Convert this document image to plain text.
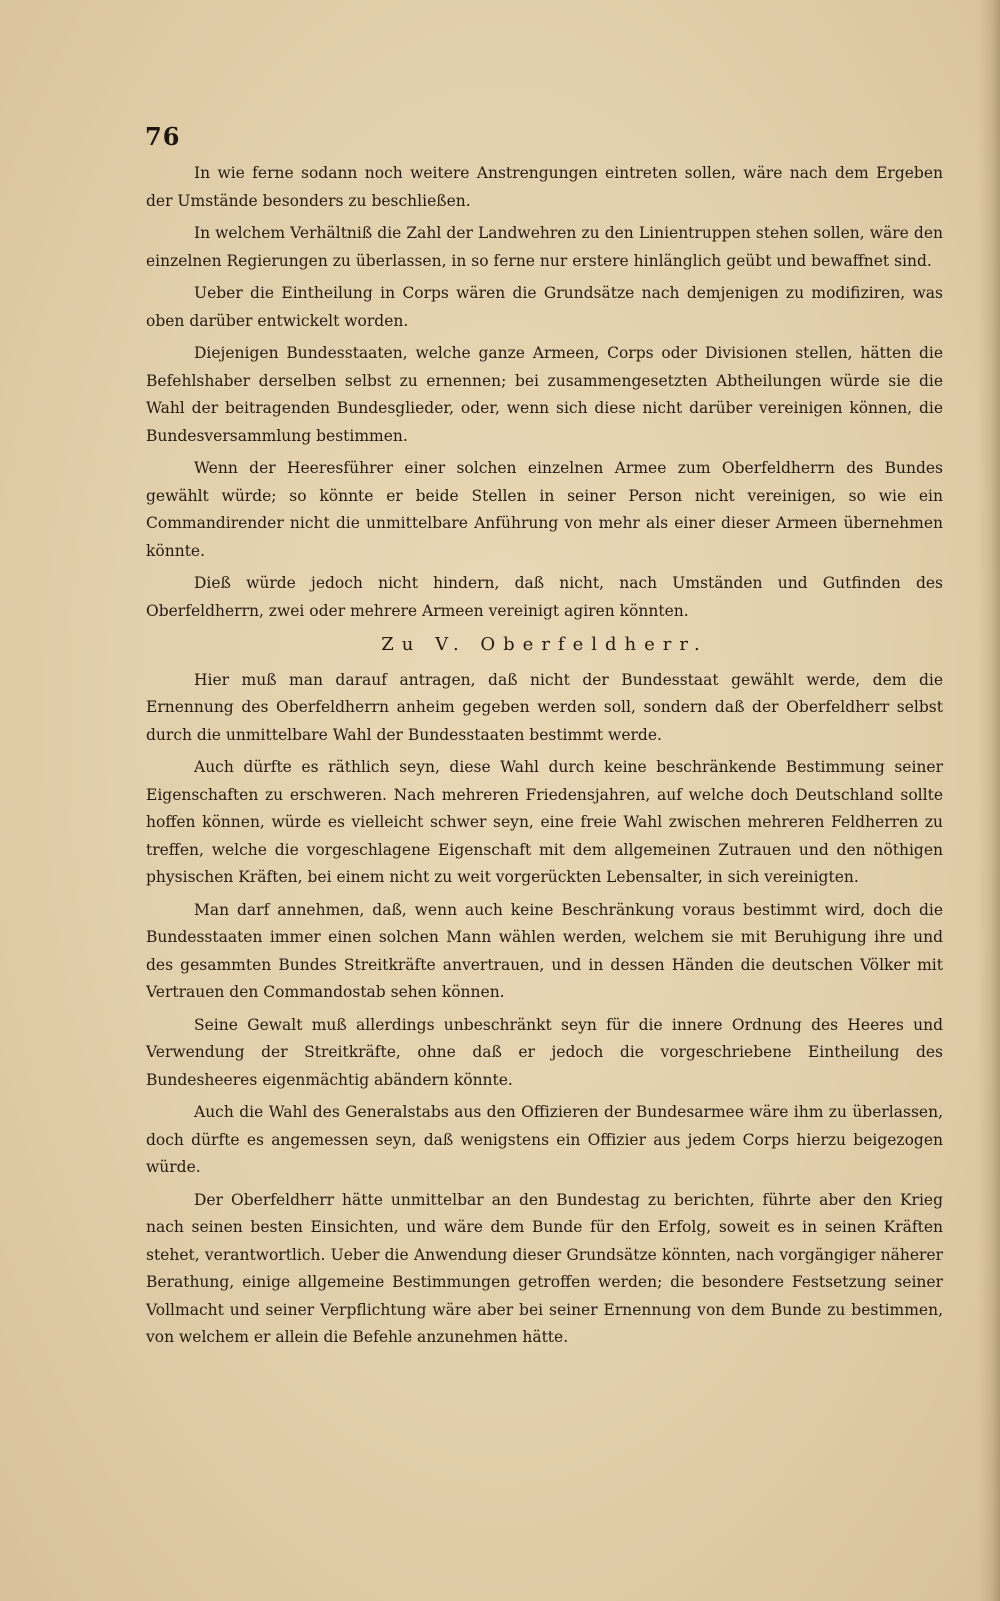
76

In wie ferne sodann noch weitere Anstrengungen eintreten sollen, wäre nach dem Ergeben der Umstände besonders zu beschließen.

In welchem Verhältniß die Zahl der Landwehren zu den Linientruppen stehen sollen, wäre den einzelnen Regierungen zu überlassen, in so ferne nur erstere hinlänglich geübt und bewaffnet sind.

Ueber die Eintheilung in Corps wären die Grundsätze nach demjenigen zu modifiziren, was oben darüber entwickelt worden.

Diejenigen Bundesstaaten, welche ganze Armeen, Corps oder Divisionen stellen, hätten die Befehlshaber derselben selbst zu ernennen; bei zusammengesetzten Abtheilungen würde sie die Wahl der beitragenden Bundesglieder, oder, wenn sich diese nicht darüber vereinigen können, die Bundesversammlung bestimmen.

Wenn der Heeresführer einer solchen einzelnen Armee zum Oberfeldherrn des Bundes gewählt würde; so könnte er beide Stellen in seiner Person nicht vereinigen, so wie ein Commandirender nicht die unmittelbare Anführung von mehr als einer dieser Armeen übernehmen könnte.

Dieß würde jedoch nicht hindern, daß nicht, nach Umständen und Gutfinden des Oberfeldherrn, zwei oder mehrere Armeen vereinigt agiren könnten.

Zu V. Oberfeldherr.

Hier muß man darauf antragen, daß nicht der Bundesstaat gewählt werde, dem die Ernennung des Oberfeldherrn anheim gegeben werden soll, sondern daß der Oberfeldherr selbst durch die unmittelbare Wahl der Bundesstaaten bestimmt werde.

Auch dürfte es räthlich seyn, diese Wahl durch keine beschränkende Bestimmung seiner Eigenschaften zu erschweren. Nach mehreren Friedensjahren, auf welche doch Deutschland sollte hoffen können, würde es vielleicht schwer seyn, eine freie Wahl zwischen mehreren Feldherren zu treffen, welche die vorgeschlagene Eigenschaft mit dem allgemeinen Zutrauen und den nöthigen physischen Kräften, bei einem nicht zu weit vorgerückten Lebensalter, in sich vereinigten.

Man darf annehmen, daß, wenn auch keine Beschränkung voraus bestimmt wird, doch die Bundesstaaten immer einen solchen Mann wählen werden, welchem sie mit Beruhigung ihre und des gesammten Bundes Streitkräfte anvertrauen, und in dessen Händen die deutschen Völker mit Vertrauen den Commandostab sehen können.

Seine Gewalt muß allerdings unbeschränkt seyn für die innere Ordnung des Heeres und Verwendung der Streitkräfte, ohne daß er jedoch die vorgeschriebene Eintheilung des Bundesheeres eigenmächtig abändern könnte.

Auch die Wahl des Generalstabs aus den Offizieren der Bundesarmee wäre ihm zu überlassen, doch dürfte es angemessen seyn, daß wenigstens ein Offizier aus jedem Corps hierzu beigezogen würde.

Der Oberfeldherr hätte unmittelbar an den Bundestag zu berichten, führte aber den Krieg nach seinen besten Einsichten, und wäre dem Bunde für den Erfolg, soweit es in seinen Kräften stehet, verantwortlich. Ueber die Anwendung dieser Grundsätze könnten, nach vorgängiger näherer Berathung, einige allgemeine Bestimmungen getroffen werden; die besondere Festsetzung seiner Vollmacht und seiner Verpflichtung wäre aber bei seiner Ernennung von dem Bunde zu bestimmen, von welchem er allein die Befehle anzunehmen hätte.
